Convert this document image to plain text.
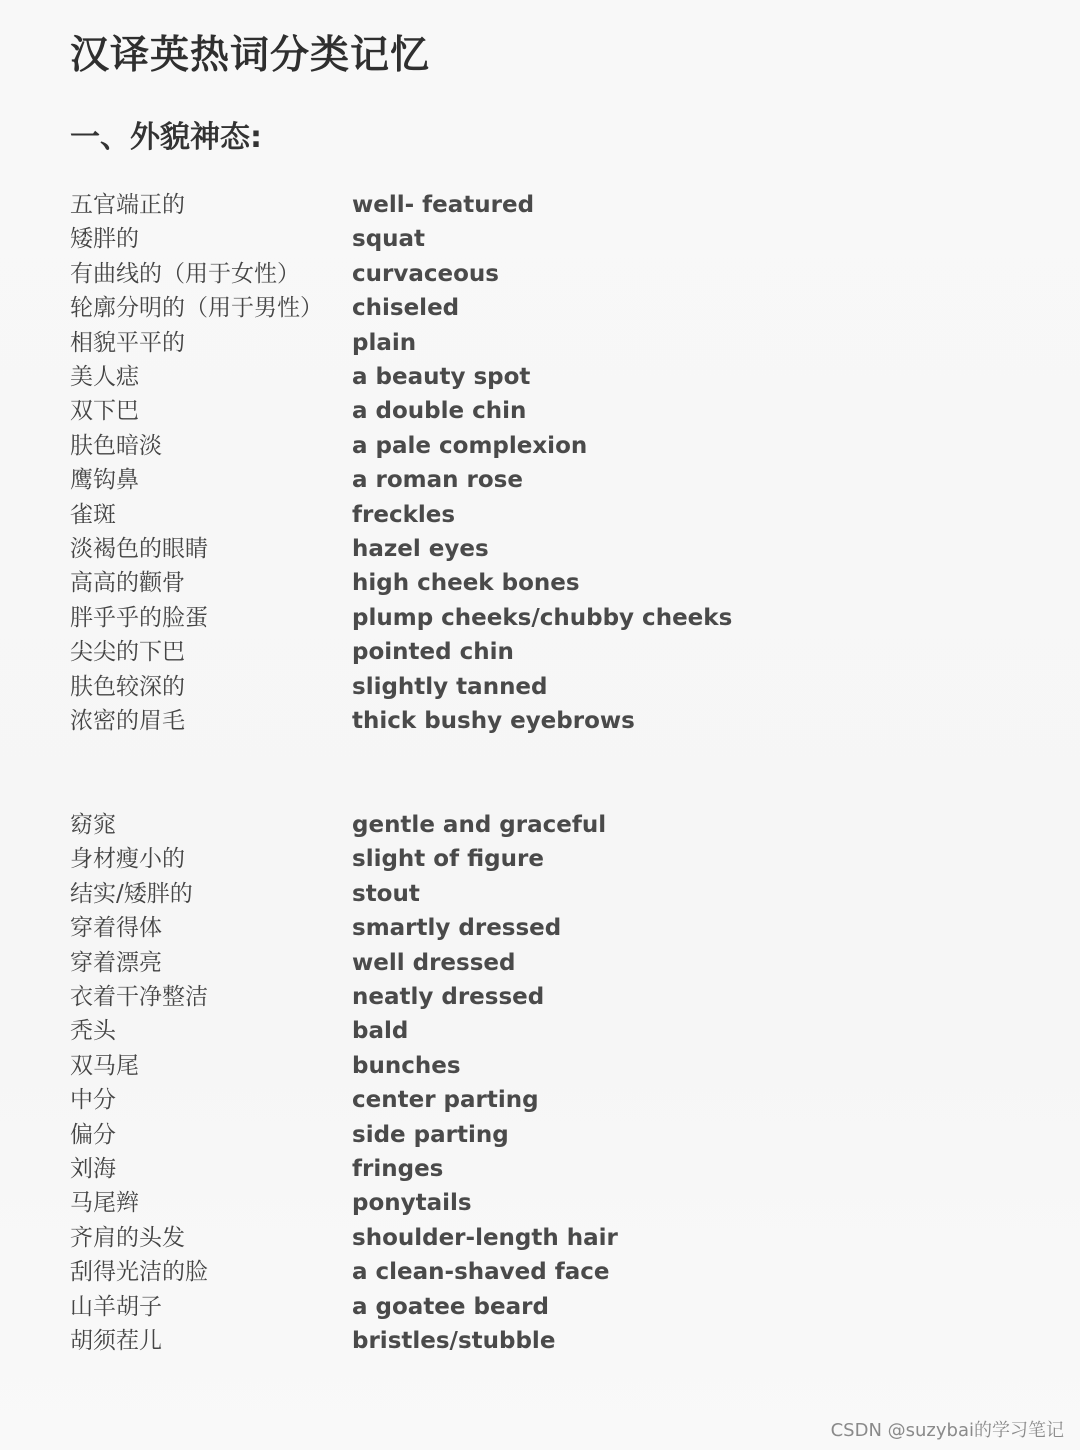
汉译英热词分类记忆
一、外貌神态:
五官端正的	well- featured
矮胖的	squat
有曲线的（用于女性） curvaceous
轮廓分明的（用于男性） chiseled
相貌平平的	plain
美人痣	a beauty spot
双下巴	a double chin
肤色暗淡	a pale complexion
鹰钩鼻	a roman rose
雀斑	freckles
淡褐色的眼睛	hazel eyes
高高的颧骨	high cheek bones
胖乎乎的脸蛋	plump cheeks/chubby cheeks
尖尖的下巴	pointed chin
肤色较深的	slightly tanned
浓密的眉毛	thick bushy eyebrows
窈窕	gentle and graceful
身材瘦小的	slight of figure
结实/矮胖的	stout
穿着得体	smartly dressed
穿着漂亮	well dressed
衣着干净整洁	neatly dressed
秃头	bald
双马尾	bunches
中分	center parting
偏分	side parting
刘海	fringes
马尾辫	ponytails
齐肩的头发	shoulder-length hair
刮得光洁的脸	a clean-shaved face
山羊胡子	a goatee beard
胡须茬儿	bristles/stubble
CSDN @suzybai的学习笔记
